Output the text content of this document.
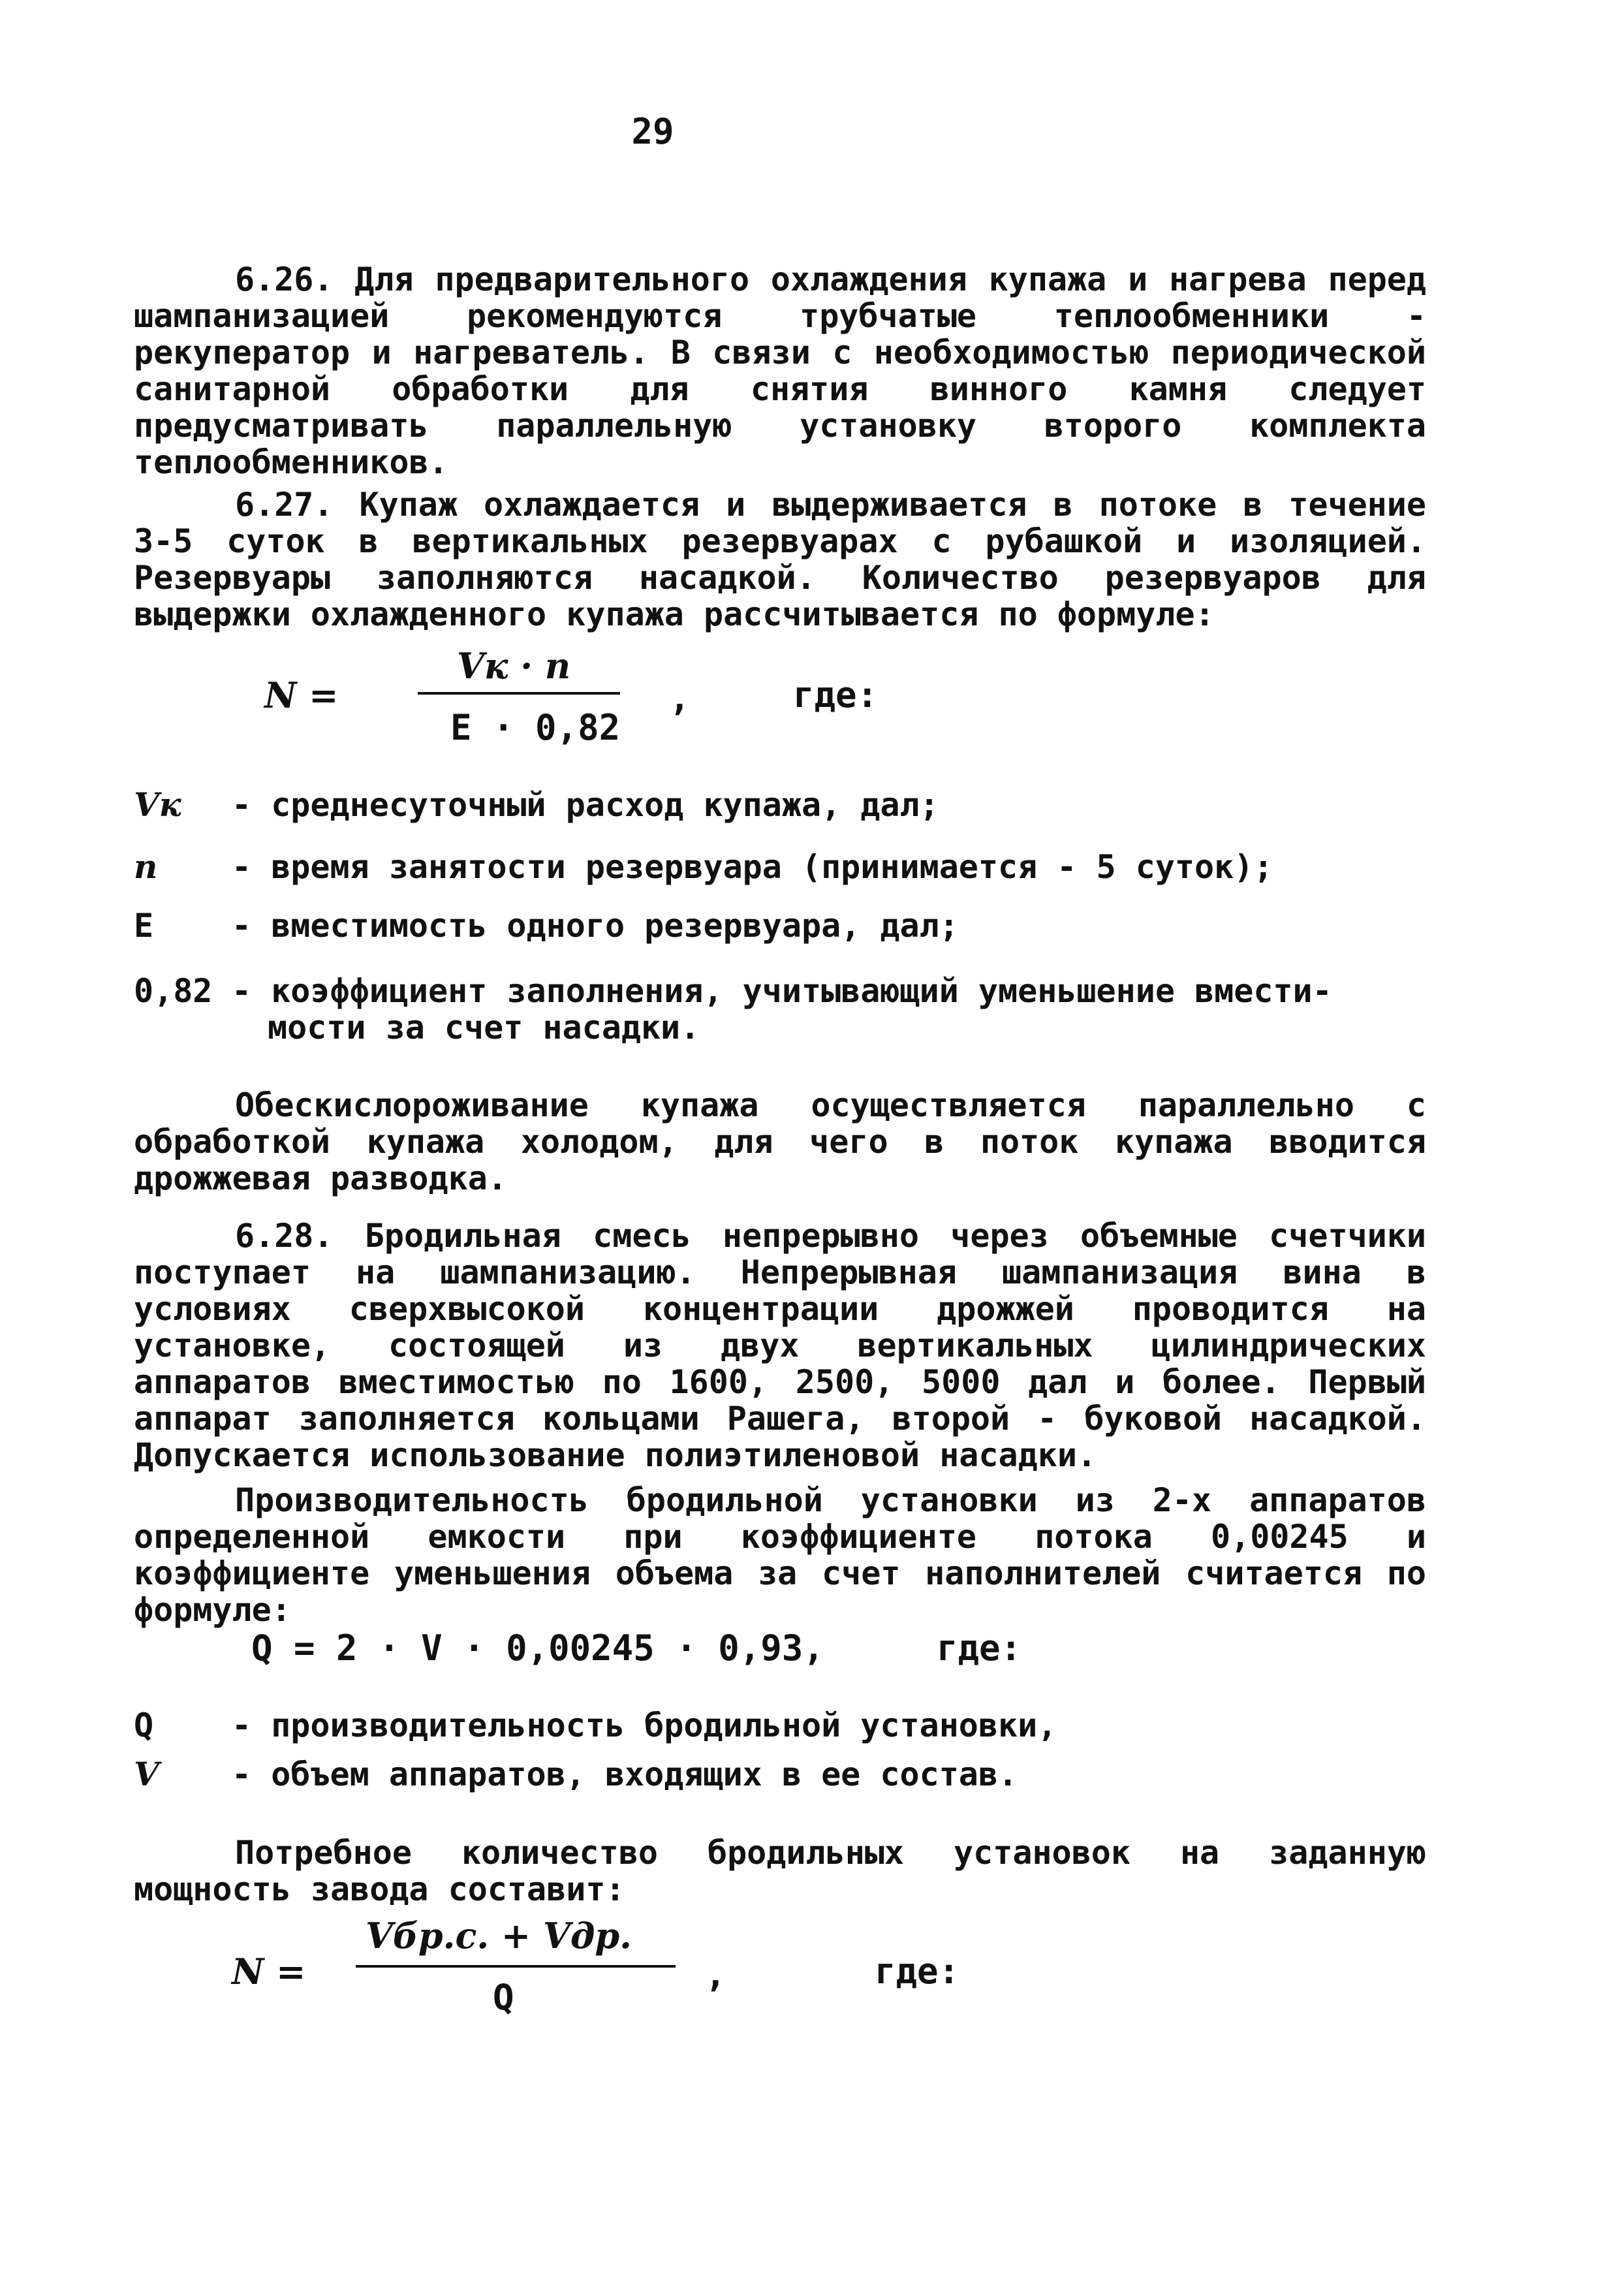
29
6.26. Для предварительного охлаждения купажа и нагрева перед шампанизацией рекомендуются трубчатые теплообменники - рекуператор и нагреватель. В связи с необходимостью периодической санитарной обработки для снятия винного камня следует предусматривать параллельную установку второго комплекта теплообменников.
6.27. Купаж охлаждается и выдерживается в потоке в течение 3-5 суток в вертикальных резервуарах с рубашкой и изоляцией. Резервуары заполняются насадкой. Количество резервуаров для выдержки охлажденного купажа рассчитывается по формуле:
N =
Vк · n
Е · 0,82
,	где:
Vк - среднесуточный расход купажа, дал;
n - время занятости резервуара (принимается - 5 суток);
Е - вместимость одного резервуара, дал;
0,82 - коэффициент заполнения, учитывающий уменьшение вмести-
мости за счет насадки.
Обескислороживание купажа осуществляется параллельно с обработкой купажа холодом, для чего в поток купажа вводится дрожжевая разводка.
6.28. Бродильная смесь непрерывно через объемные счетчики поступает на шампанизацию. Непрерывная шампанизация вина в условиях сверхвысокой концентрации дрожжей проводится на установке, состоящей из двух вертикальных цилиндрических аппаратов вместимостью по 1600, 2500, 5000 дал и более. Первый аппарат заполняется кольцами Рашега, второй - буковой насадкой. Допускается использование полиэтиленовой насадки.
Производительность бродильной установки из 2-х аппаратов определенной емкости при коэффициенте потока 0,00245 и коэффициенте уменьшения объема за счет наполнителей считается по формуле:
Q = 2 · V · 0,00245 · 0,93,	где:
Q - производительность бродильной установки,
V - объем аппаратов, входящих в ее состав.
Потребное количество бродильных установок на заданную мощность завода составит:
N =
Vбр.с. + Vдр.
Q
,	где:
